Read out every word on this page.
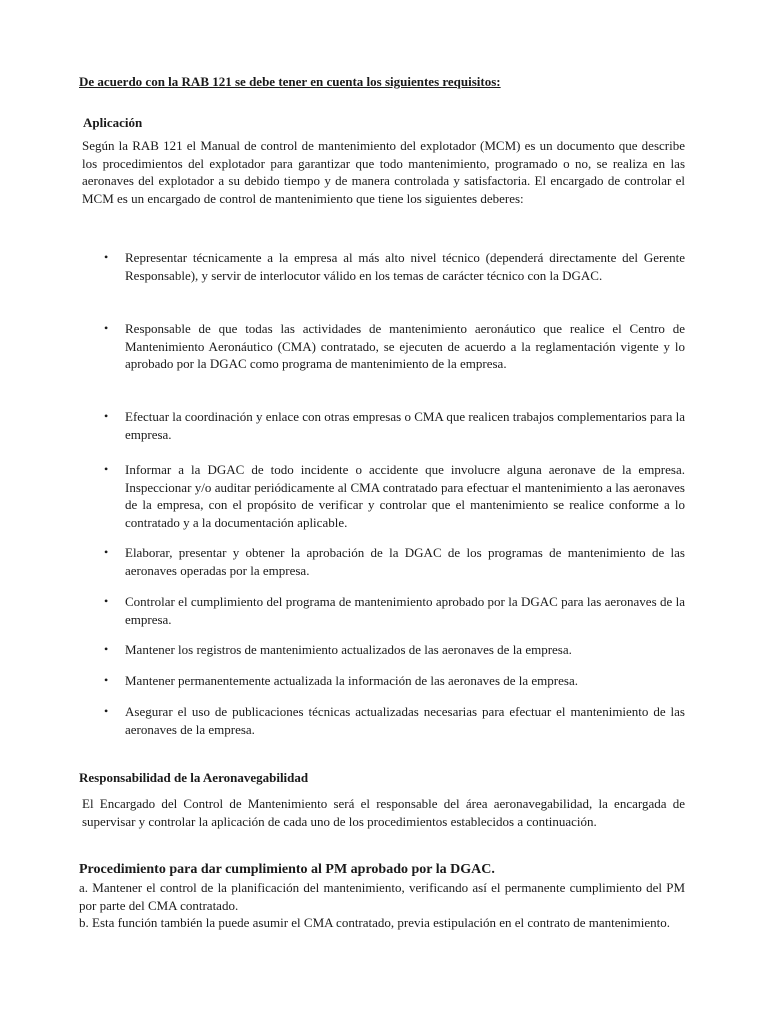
De acuerdo con la RAB 121 se debe tener en cuenta los siguientes requisitos:
Aplicación
Según la RAB 121 el Manual de control de mantenimiento del explotador (MCM) es un documento que describe los procedimientos del explotador para garantizar que todo mantenimiento, programado o no, se realiza en las aeronaves del explotador a su debido tiempo y de manera controlada y satisfactoria. El encargado de controlar el MCM es un encargado de control de mantenimiento que tiene los siguientes deberes:
• Representar técnicamente a la empresa al más alto nivel técnico (dependerá directamente del Gerente Responsable), y servir de interlocutor válido en los temas de carácter técnico con la DGAC.
• Responsable de que todas las actividades de mantenimiento aeronáutico que realice el Centro de Mantenimiento Aeronáutico (CMA) contratado, se ejecuten de acuerdo a la reglamentación vigente y lo aprobado por la DGAC como programa de mantenimiento de la empresa.
• Efectuar la coordinación y enlace con otras empresas o CMA que realicen trabajos complementarios para la empresa.
• Informar a la DGAC de todo incidente o accidente que involucre alguna aeronave de la empresa. Inspeccionar y/o auditar periódicamente al CMA contratado para efectuar el mantenimiento a las aeronaves de la empresa, con el propósito de verificar y controlar que el mantenimiento se realice conforme a lo contratado y a la documentación aplicable.
• Elaborar, presentar y obtener la aprobación de la DGAC de los programas de mantenimiento de las aeronaves operadas por la empresa.
• Controlar el cumplimiento del programa de mantenimiento aprobado por la DGAC para las aeronaves de la empresa.
• Mantener los registros de mantenimiento actualizados de las aeronaves de la empresa.
• Mantener permanentemente actualizada la información de las aeronaves de la empresa.
• Asegurar el uso de publicaciones técnicas actualizadas necesarias para efectuar el mantenimiento de las aeronaves de la empresa.
Responsabilidad de la Aeronavegabilidad
El Encargado del Control de Mantenimiento será el responsable del área aeronavegabilidad, la encargada de supervisar y controlar la aplicación de cada uno de los procedimientos establecidos a continuación.
Procedimiento para dar cumplimiento al PM aprobado por la DGAC.
a. Mantener el control de la planificación del mantenimiento, verificando así el permanente cumplimiento del PM por parte del CMA contratado.
b. Esta función también la puede asumir el CMA contratado, previa estipulación en el contrato de mantenimiento.
